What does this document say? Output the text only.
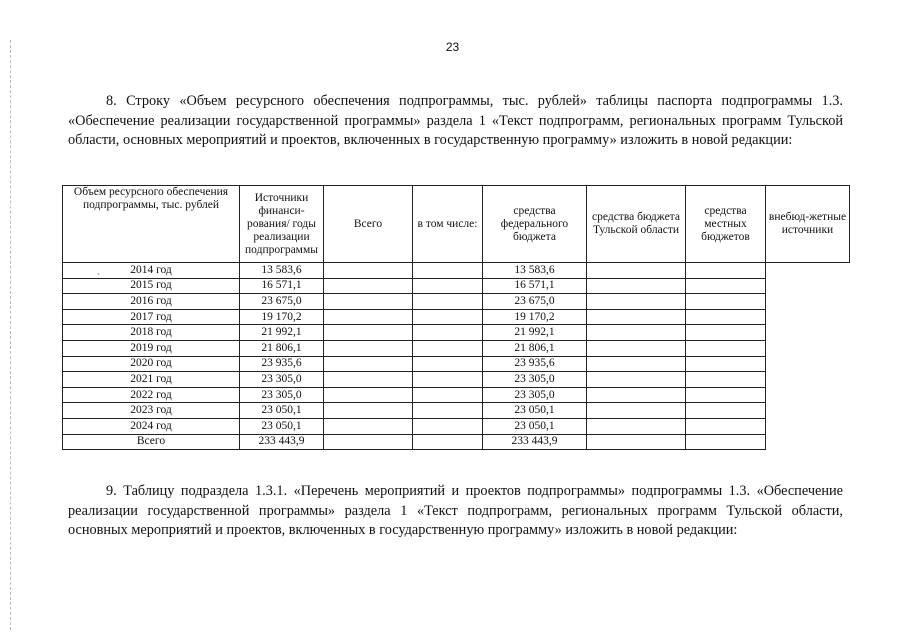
23

8. Строку «Объем ресурсного обеспечения подпрограммы, тыс. рублей» таблицы паспорта подпрограммы 1.3. «Обеспечение реализации государственной программы» раздела 1 «Текст подпрограмм, региональных программ Тульской области, основных мероприятий и проектов, включенных в государственную программу» изложить в новой редакции:

Объем ресурсного обеспечения подпрограммы, тыс. рублей	Источники финанси-рования/ годы реализации подпрограммы	Всего	в том числе:	средства федерального бюджета	средства бюджета Тульской области	средства местных бюджетов	внебюд-жетные источники
2014 год	13 583,6			13 583,6			
2015 год	16 571,1			16 571,1			
2016 год	23 675,0			23 675,0			
2017 год	19 170,2			19 170,2			
2018 год	21 992,1			21 992,1			
2019 год	21 806,1			21 806,1			
2020 год	23 935,6			23 935,6			
2021 год	23 305,0			23 305,0			
2022 год	23 305,0			23 305,0			
2023 год	23 050,1			23 050,1			
2024 год	23 050,1			23 050,1			
Всего	233 443,9			233 443,9			
ˏ

9. Таблицу подраздела 1.3.1. «Перечень мероприятий и проектов подпрограммы» подпрограммы 1.3. «Обеспечение реализации государственной программы» раздела 1 «Текст подпрограмм, региональных программ Тульской области, основных мероприятий и проектов, включенных в государственную программу» изложить в новой редакции:
